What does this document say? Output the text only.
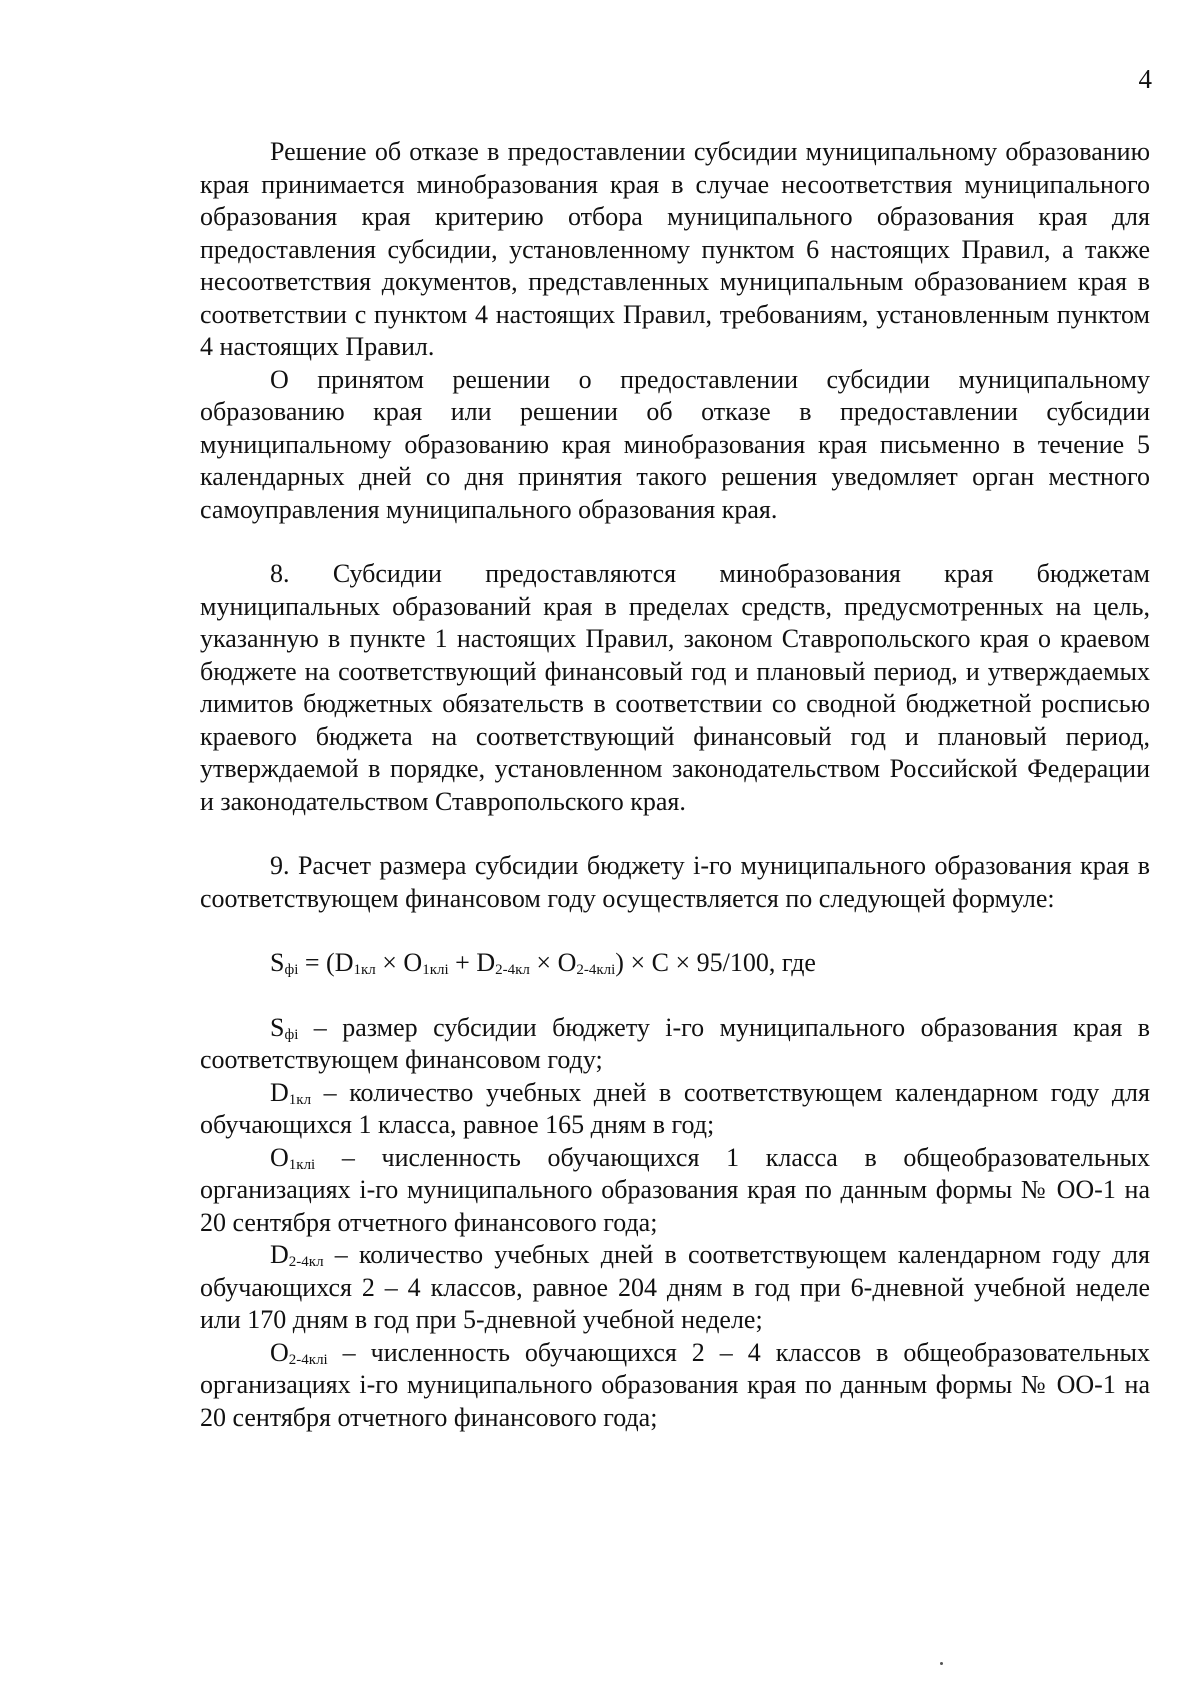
4

Решение об отказе в предоставлении субсидии муниципальному образованию края принимается минобразования края в случае несоответствия муниципального образования края критерию отбора муниципального образования края для предоставления субсидии, установленному пунктом 6 настоящих Правил, а также несоответствия документов, представленных муниципальным образованием края в соответствии с пунктом 4 настоящих Правил, требованиям, установленным пунктом 4 настоящих Правил.

О принятом решении о предоставлении субсидии муниципальному образованию края или решении об отказе в предоставлении субсидии муниципальному образованию края минобразования края письменно в течение 5 календарных дней со дня принятия такого решения уведомляет орган местного самоуправления муниципального образования края.

8. Субсидии предоставляются минобразования края бюджетам муниципальных образований края в пределах средств, предусмотренных на цель, указанную в пункте 1 настоящих Правил, законом Ставропольского края о краевом бюджете на соответствующий финансовый год и плановый период, и утверждаемых лимитов бюджетных обязательств в соответствии со сводной бюджетной росписью краевого бюджета на соответствующий финансовый год и плановый период, утверждаемой в порядке, установленном законодательством Российской Федерации и законодательством Ставропольского края.

9. Расчет размера субсидии бюджету i-го муниципального образования края в соответствующем финансовом году осуществляется по следующей формуле:

$S_{фi} = (D_{1кл} \times O_{1клi} + D_{2-4кл} \times O_{2-4клi}) \times C \times 95/100$, где

$S_{фi}$ – размер субсидии бюджету i-го муниципального образования края в соответствующем финансовом году;

$D_{1кл}$ – количество учебных дней в соответствующем календарном году для обучающихся 1 класса, равное 165 дням в год;

$O_{1клi}$ – численность обучающихся 1 класса в общеобразовательных организациях i-го муниципального образования края по данным формы № ОО-1 на 20 сентября отчетного финансового года;

$D_{2-4кл}$ – количество учебных дней в соответствующем календарном году для обучающихся 2 – 4 классов, равное 204 дням в год при 6-дневной учебной неделе или 170 дням в год при 5-дневной учебной неделе;

$O_{2-4клi}$ – численность обучающихся 2 – 4 классов в общеобразовательных организациях i-го муниципального образования края по данным формы № ОО-1 на 20 сентября отчетного финансового года;
